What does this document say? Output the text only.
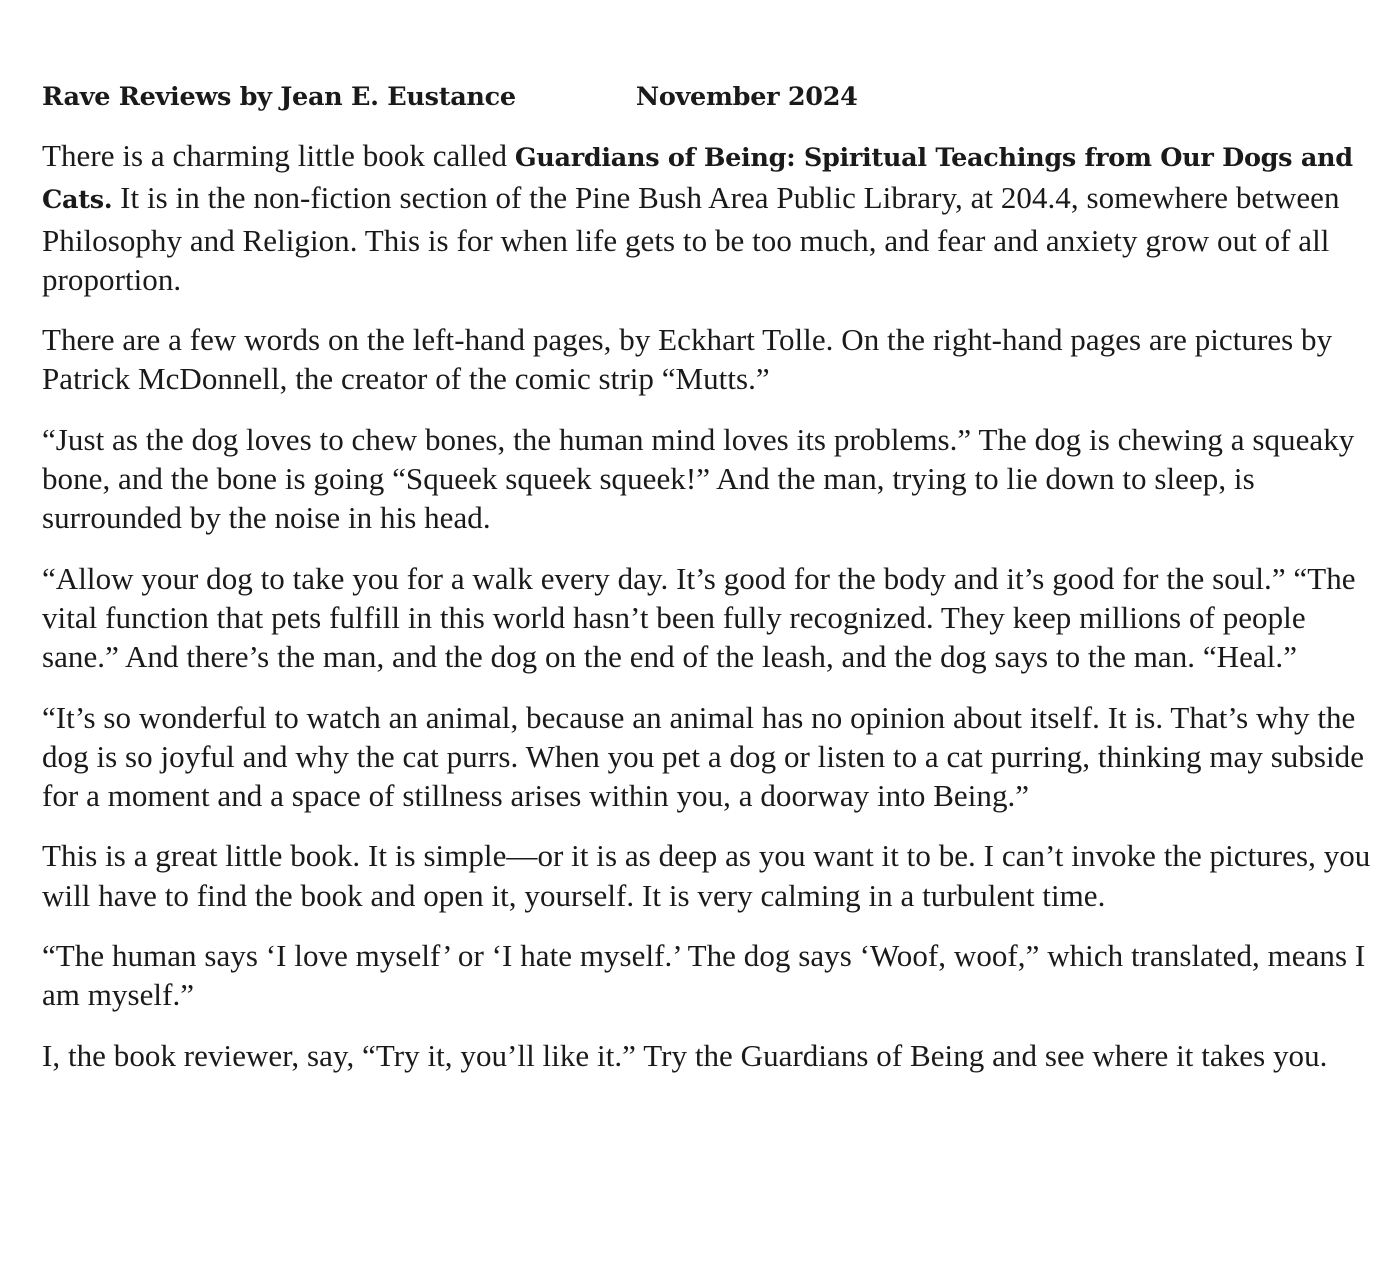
Rave Reviews by Jean E. Eustance	November 2024

There is a charming little book called Guardians of Being: Spiritual Teachings from Our Dogs and Cats. It is in the non-fiction section of the Pine Bush Area Public Library, at 204.4, somewhere between Philosophy and Religion. This is for when life gets to be too much, and fear and anxiety grow out of all proportion.

There are a few words on the left-hand pages, by Eckhart Tolle. On the right-hand pages are pictures by Patrick McDonnell, the creator of the comic strip “Mutts.”

“Just as the dog loves to chew bones, the human mind loves its problems.” The dog is chewing a squeaky bone, and the bone is going “Squeek squeek squeek!” And the man, trying to lie down to sleep, is surrounded by the noise in his head.

“Allow your dog to take you for a walk every day. It’s good for the body and it’s good for the soul.” “The vital function that pets fulfill in this world hasn’t been fully recognized. They keep millions of people sane.” And there’s the man, and the dog on the end of the leash, and the dog says to the man. “Heal.”

“It’s so wonderful to watch an animal, because an animal has no opinion about itself. It is. That’s why the dog is so joyful and why the cat purrs. When you pet a dog or listen to a cat purring, thinking may subside for a moment and a space of stillness arises within you, a doorway into Being.”

This is a great little book. It is simple—or it is as deep as you want it to be. I can’t invoke the pictures, you will have to find the book and open it, yourself. It is very calming in a turbulent time.

“The human says ‘I love myself’ or ‘I hate myself.’ The dog says ‘Woof, woof,” which translated, means I am myself.”

I, the book reviewer, say, “Try it, you’ll like it.” Try the Guardians of Being and see where it takes you.
